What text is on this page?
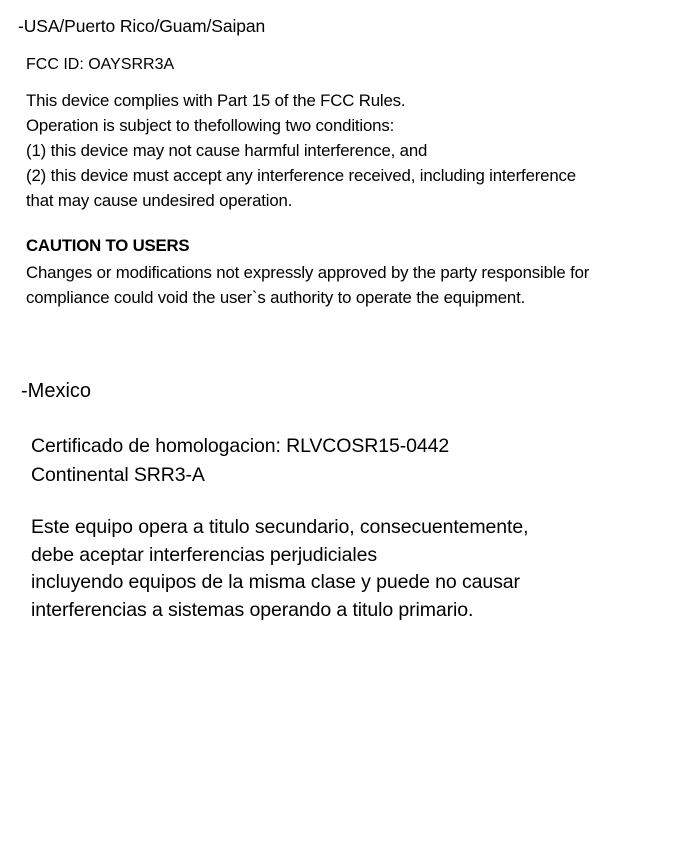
-USA/Puerto Rico/Guam/Saipan
FCC ID: OAYSRR3A
This device complies with Part 15 of the FCC Rules.
Operation is subject to thefollowing two conditions:
(1) this device may not cause harmful interference, and
(2) this device must accept any interference received, including interference
that may cause undesired operation.
CAUTION TO USERS
Changes or modifications not expressly approved by the party responsible for
compliance could void the user`s authority to operate the equipment.
-Mexico
Certificado de homologacion: RLVCOSR15-0442
Continental SRR3-A
Este equipo opera a titulo secundario, consecuentemente,
debe aceptar interferencias perjudiciales
incluyendo equipos de la misma clase y puede no causar
interferencias a sistemas operando a titulo primario.
